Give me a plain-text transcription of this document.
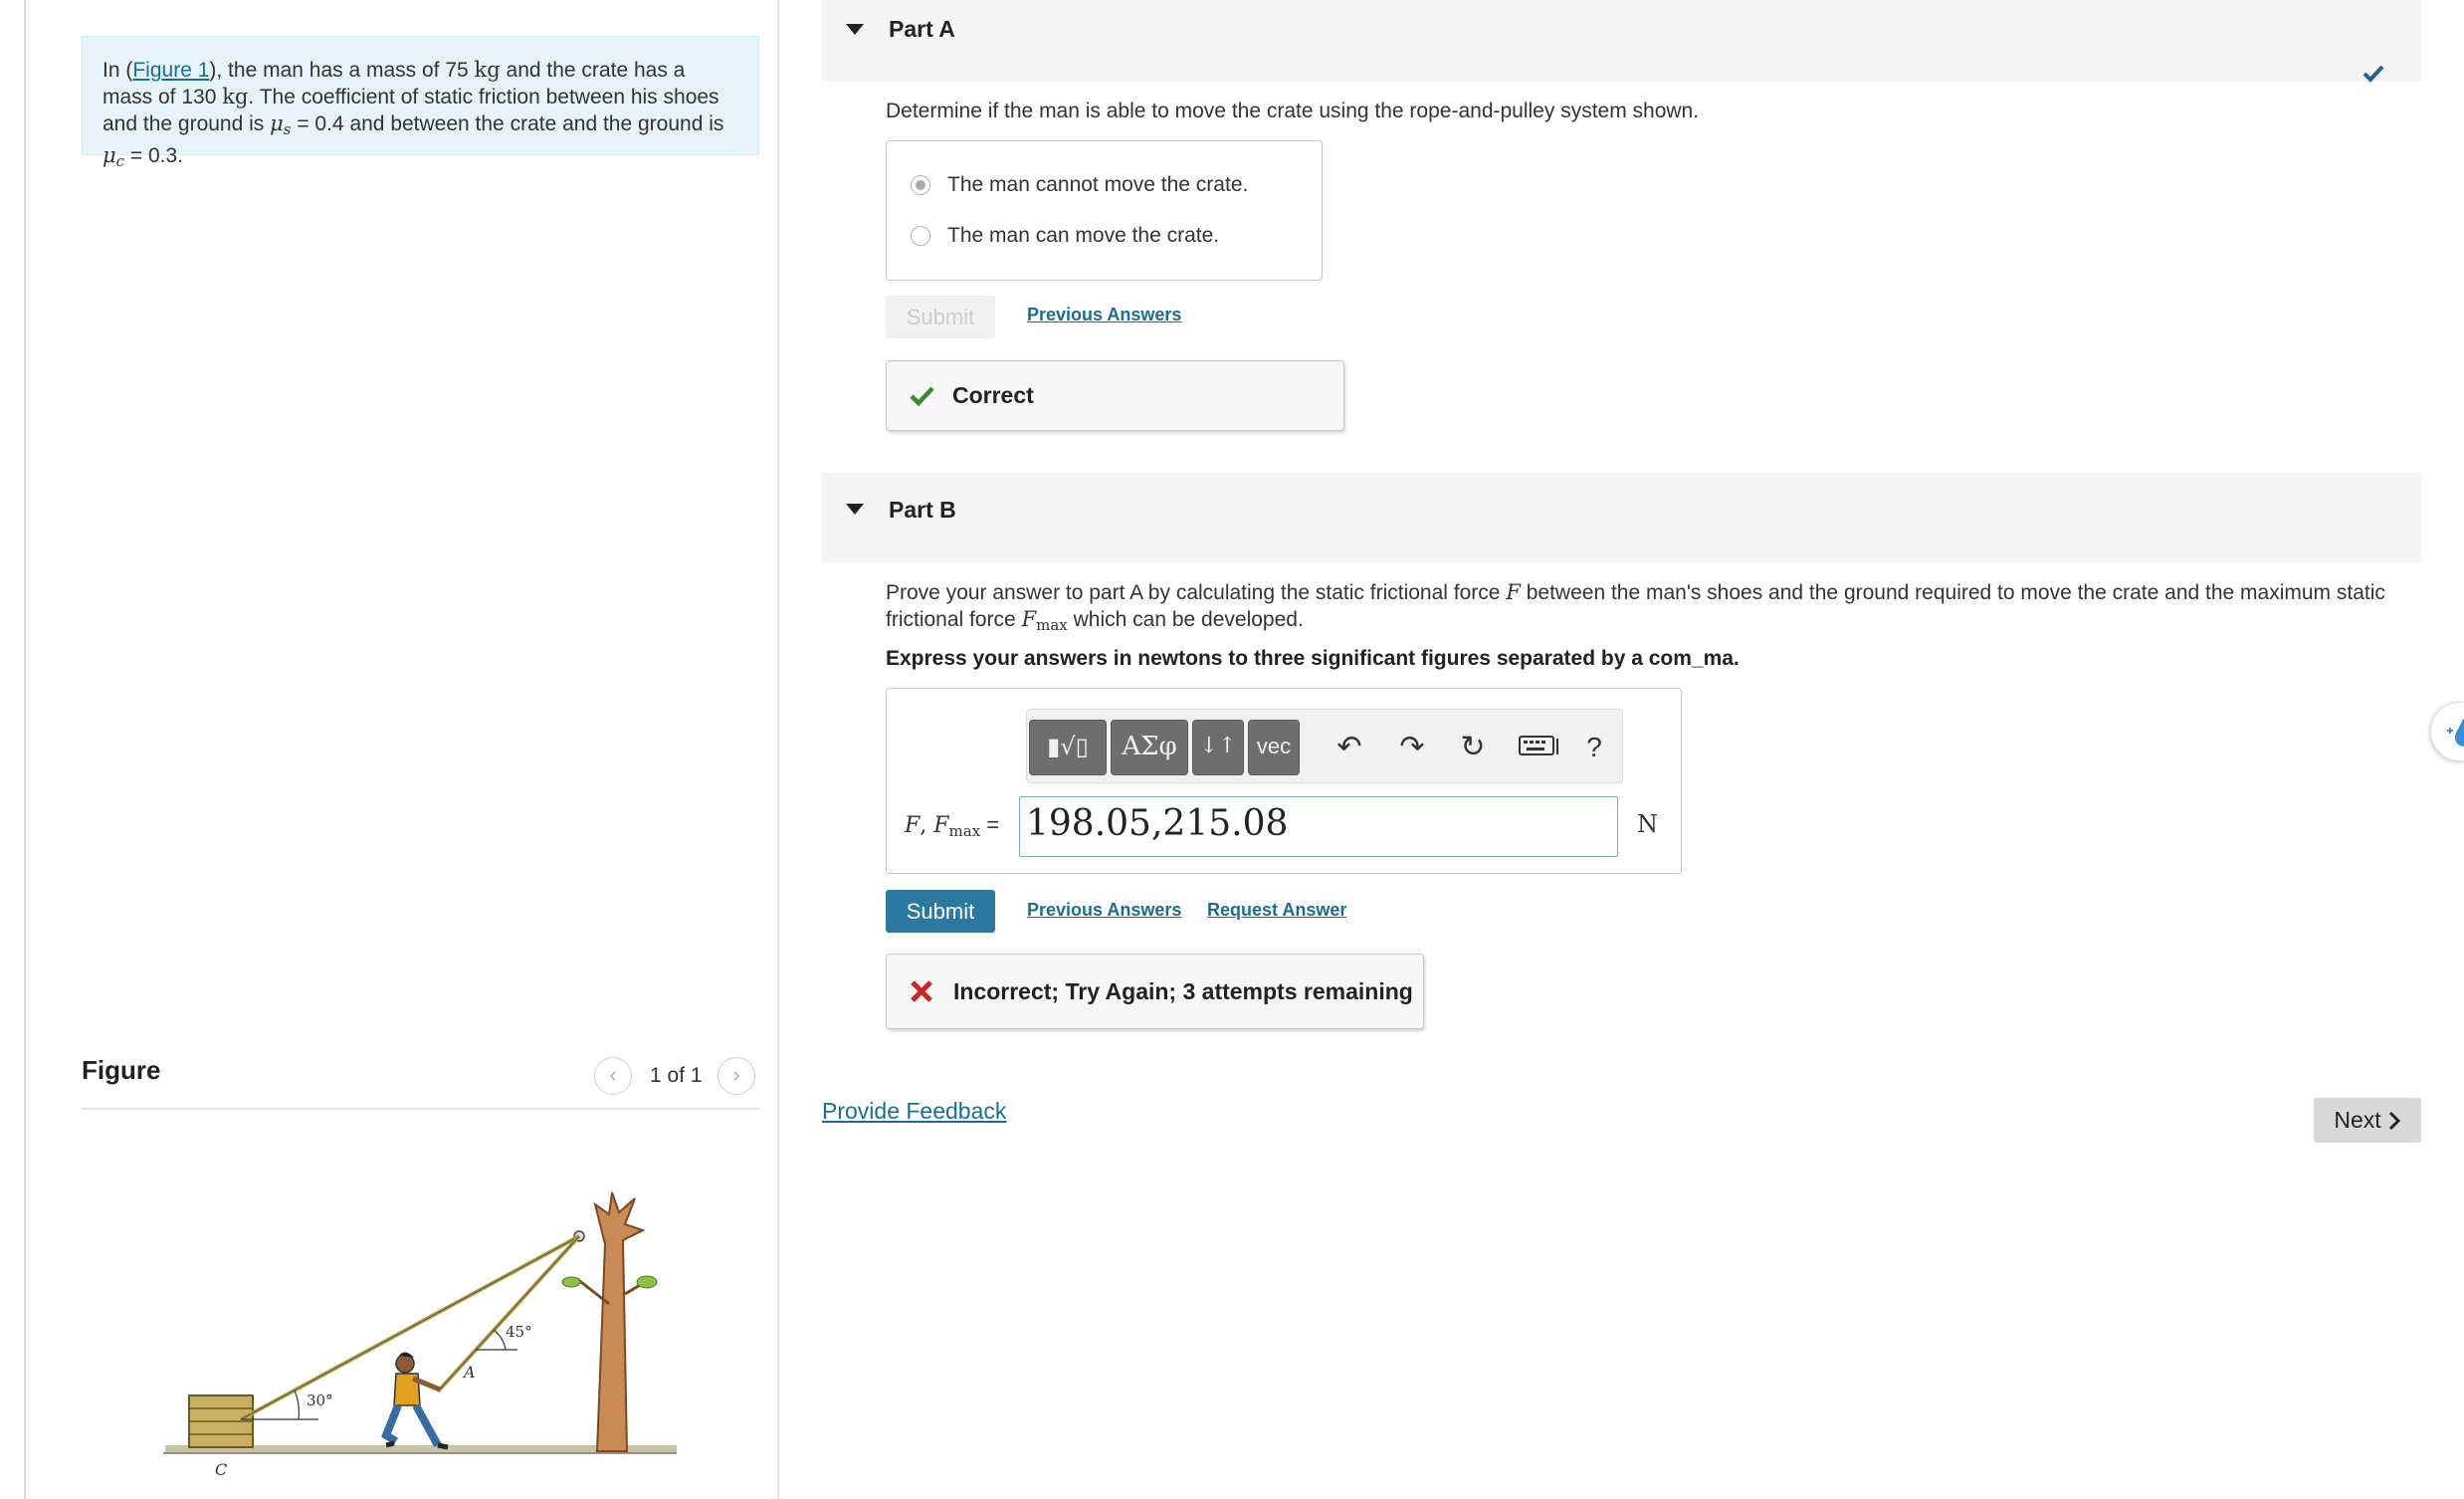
In (Figure 1), the man has a mass of 75 kg and the crate has a mass of 130 kg. The coefficient of static friction between his shoes and the ground is $\mu_s = 0.4$ and between the crate and the ground is $\mu_c = 0.3$.
Figure	‹	1 of 1	›
30°
45°
A
C
Part A
Determine if the man is able to move the crate using the rope-and-pulley system shown.
The man cannot move the crate.
The man can move the crate.
Submit	Previous Answers
Correct
Part B
Prove your answer to part A by calculating the static frictional force F between the man's shoes and the ground required to move the crate and the maximum static frictional force $F_{max}$ which can be developed.
Express your answers in newtons to three significant figures separated by a com_ma.
▮√▯	ΑΣφ	↓↑ vec ↶ ↷ ↻	?
F, $F_{max} = 198.05,215.08$	N
Submit	Previous Answers Request Answer
Incorrect; Try Again; 3 attempts remaining
Provide Feedback	Next
